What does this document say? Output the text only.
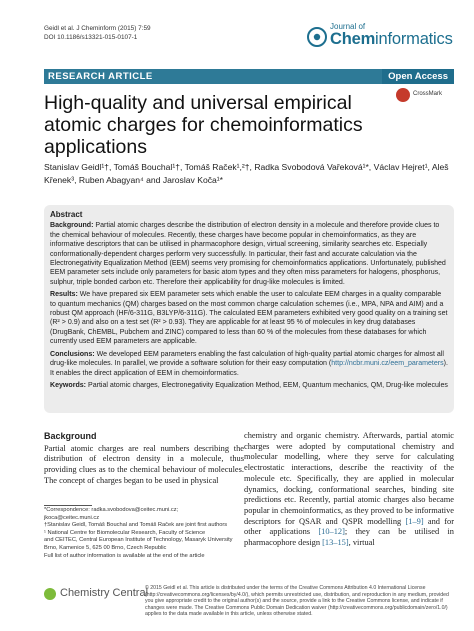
Geidl et al. J Cheminform (2015) 7:59
DOI 10.1186/s13321-015-0107-1
Journal of
Cheminformatics
RESEARCH ARTICLE	Open Access
High-quality and universal empirical atomic charges for chemoinformatics applications
CrossMark
Stanislav Geidl¹†, Tomáš Bouchal¹†, Tomáš Raček¹,²†, Radka Svobodová Vařeková¹*, Václav Hejret¹, Aleš Křenek³, Ruben Abagyan⁴ and Jaroslav Koča¹*
Abstract

Background: Partial atomic charges describe the distribution of electron density in a molecule and therefore provide clues to the chemical behaviour of molecules. Recently, these charges have become popular in chemoinformatics, as they are informative descriptors that can be utilised in pharmacophore design, virtual screening, similarity searches etc. Especially conformationally-dependent charges perform very successfully. In particular, their fast and accurate calculation via the Electronegativity Equalization Method (EEM) seems very promising for chemoinformatics applications. Unfortunately, published EEM parameter sets include only parameters for basic atom types and they often miss parameters for halogens, phosphorus, sulphur, triple bonded carbon etc. Therefore their applicability for drug-like molecules is limited.

Results: We have prepared six EEM parameter sets which enable the user to calculate EEM charges in a quality comparable to quantum mechanics (QM) charges based on the most common charge calculation schemes (i.e., MPA, NPA and AIM) and a robust QM approach (HF/6-311G, B3LYP/6-311G). The calculated EEM parameters exhibited very good quality on a training set (R² > 0.9) and also on a test set (R² > 0.93). They are applicable for at least 95 % of molecules in key drug databases (DrugBank, ChEMBL, Pubchem and ZINC) compared to less than 60 % of the molecules from these databases for which currently used EEM parameters are applicable.

Conclusions: We developed EEM parameters enabling the fast calculation of high-quality partial atomic charges for almost all drug-like molecules. In parallel, we provide a software solution for their easy computation (http://ncbr.muni.cz/eem_parameters). It enables the direct application of EEM in chemoinformatics.

Keywords: Partial atomic charges, Electronegativity Equalization Method, EEM, Quantum mechanics, QM, Drug-like molecules

Background
Partial atomic charges are real numbers describing the distribution of electron density in a molecule, thus providing clues as to the chemical behaviour of molecules. The concept of charges began to be used in physical
chemistry and organic chemistry. Afterwards, partial atomic charges were adopted by computational chemistry and molecular modelling, where they serve for calculating electrostatic interactions, describe the reactivity of the molecule etc. Specifically, they are applied in molecular dynamics, docking, conformational searches, binding site predictions etc. Recently, partial atomic charges also became popular in chemoinformatics, as they proved to be informative descriptors for QSAR and QSPR modelling [1–9] and for other applications [10–12]; they can be utilised in pharmacophore design [13–15], virtual
*Correspondence: radka.svobodova@ceitec.muni.cz;
jkoca@ceitec.muni.cz
†Stanislav Geidl, Tomáš Bouchal and Tomáš Raček are joint first authors
¹ National Centre for Biomolecular Research, Faculty of Science
and CEITEC, Central European Institute of Technology, Masaryk University
Brno, Kamenice 5, 625 00 Brno, Czech Republic
Full list of author information is available at the end of the article
Chemistry Central
© 2015 Geidl et al. This article is distributed under the terms of the Creative Commons Attribution 4.0 International License (http://creativecommons.org/licenses/by/4.0/), which permits unrestricted use, distribution, and reproduction in any medium, provided you give appropriate credit to the original author(s) and the source, provide a link to the Creative Commons license, and indicate if changes were made. The Creative Commons Public Domain Dedication waiver (http://creativecommons.org/publicdomain/zero/1.0/) applies to the data made available in this article, unless otherwise stated.
